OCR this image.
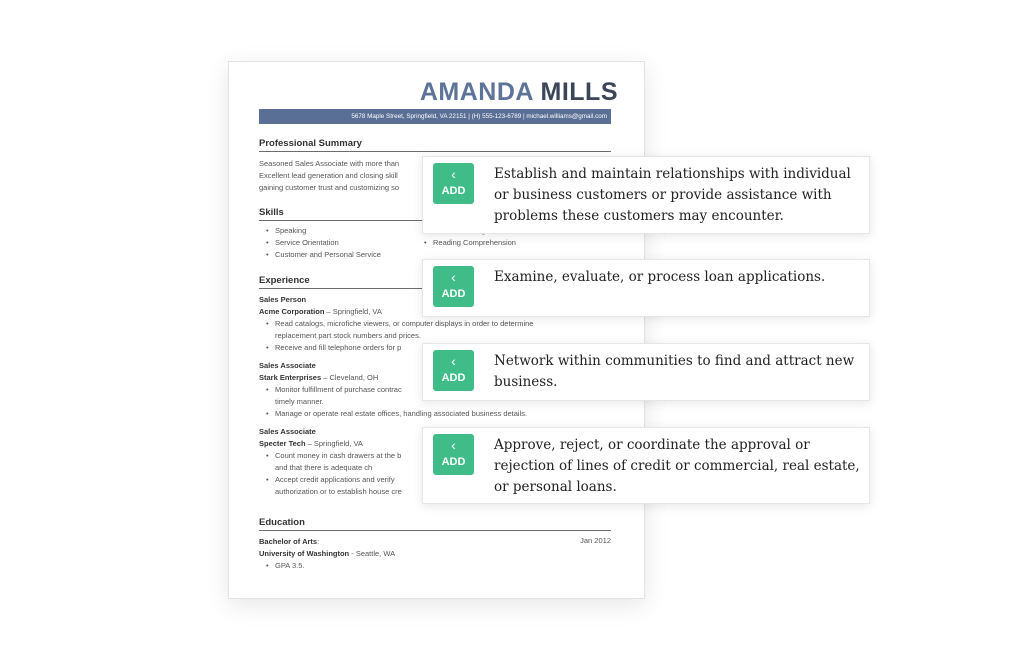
AMANDA MILLS
5678 Maple Street, Springfield, VA 22151 | (H) 555-123-6789 | michael.williams@gmail.com
Professional Summary
Seasoned Sales Associate with more than
Excellent lead generation and closing skill
gaining customer trust and customizing so
Skills
• Speaking
• Service Orientation
• Customer and Personal Service
•
• Reading Comprehension
Experience
Sales Person
Acme Corporation – Springfield, VA
• Read catalogs, microfiche viewers, or computer displays in order to determine
replacement part stock numbers and prices.
• Receive and fill telephone orders for p
Sales Associate
Stark Enterprises – Cleveland, OH
• Monitor fulfillment of purchase contrac
timely manner.
• Manage or operate real estate offices, handling associated business details.
Sales Associate
Specter Tech – Springfield, VA
• Count money in cash drawers at the b
and that there is adequate ch
• Accept credit applications and verify
authorization or to establish house cre
Education
Bachelor of Arts:	Jan 2012
University of Washington - Seattle, WA
• GPA 3.5.
‹
ADD
Establish and maintain relationships with individual or business customers or provide assistance with problems these customers may encounter.
‹
ADD
Examine, evaluate, or process loan applications.
‹
ADD
Network within communities to find and attract new business.
‹
ADD
Approve, reject, or coordinate the approval or rejection of lines of credit or commercial, real estate, or personal loans.
